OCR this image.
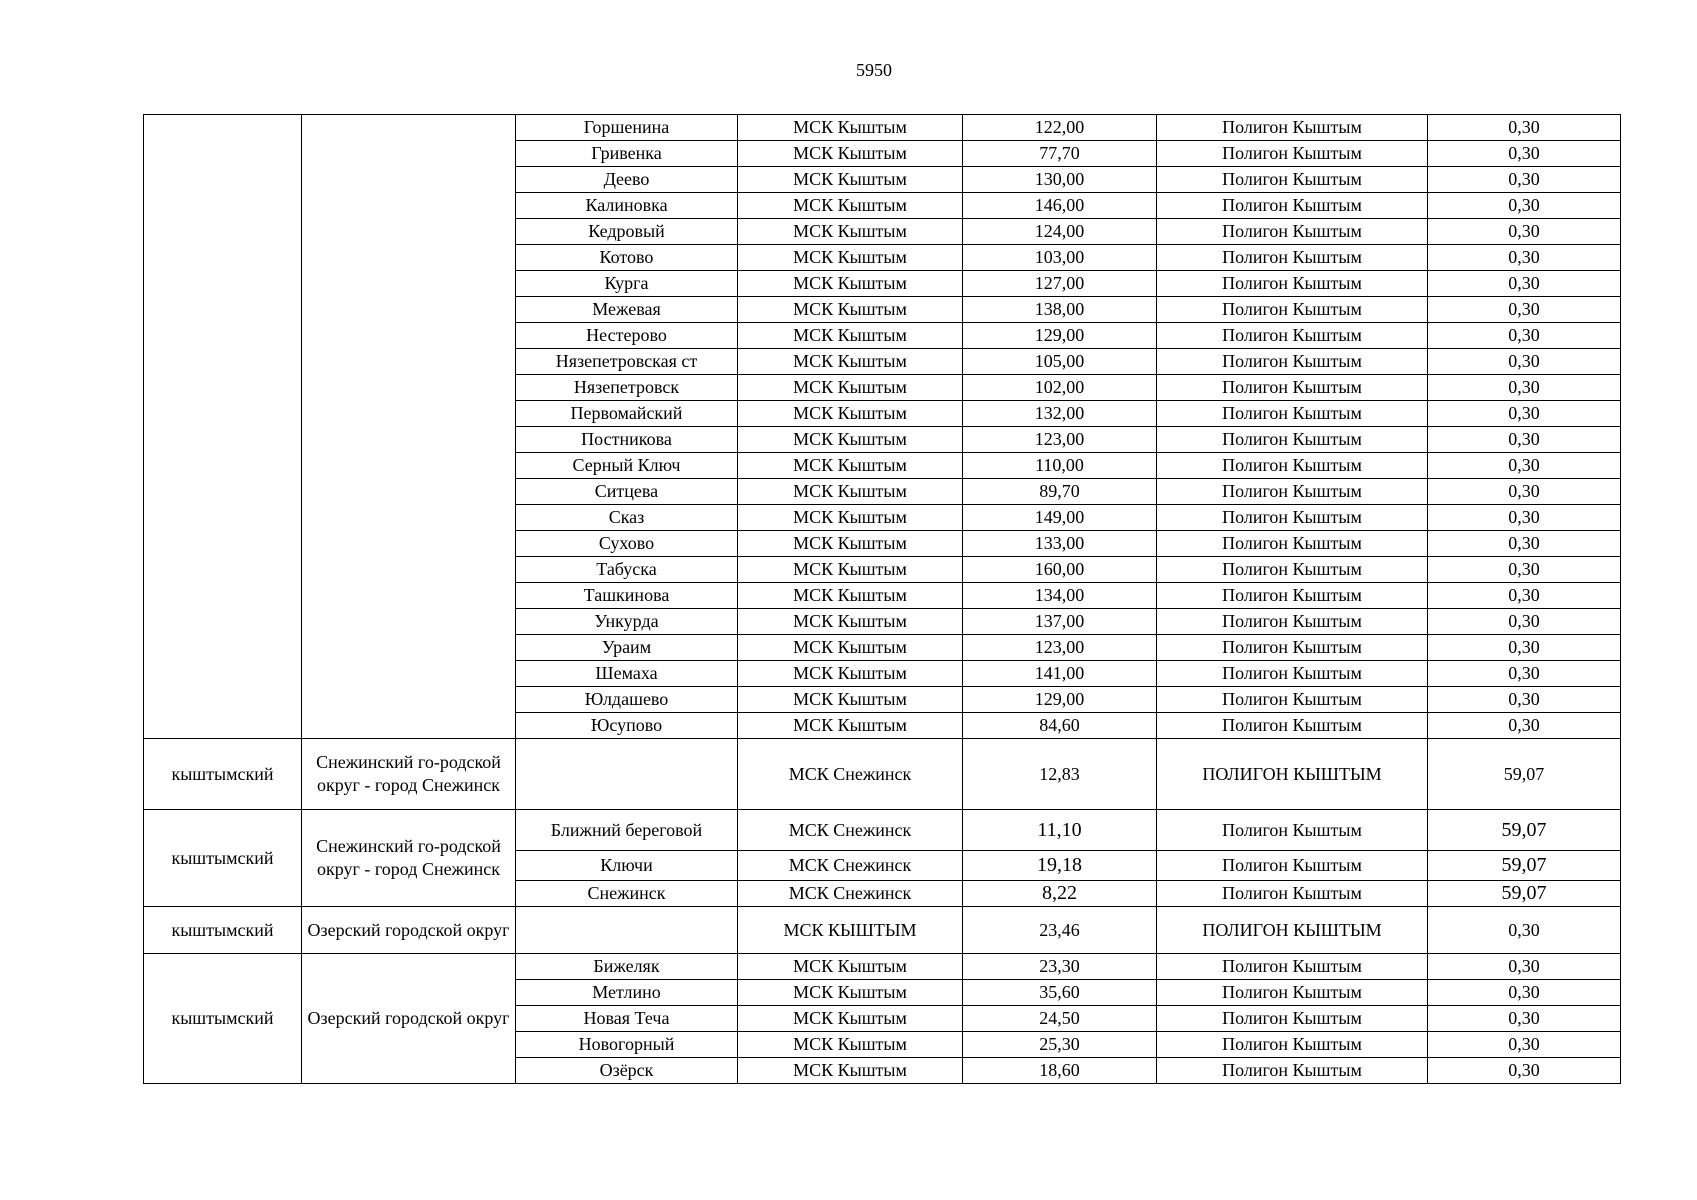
5950
		Горшенина	МСК Кыштым	122,00	Полигон Кыштым	0,30
		Гривенка	МСК Кыштым	77,70	Полигон Кыштым	0,30
		Деево	МСК Кыштым	130,00	Полигон Кыштым	0,30
		Калиновка	МСК Кыштым	146,00	Полигон Кыштым	0,30
		Кедровый	МСК Кыштым	124,00	Полигон Кыштым	0,30
		Котово	МСК Кыштым	103,00	Полигон Кыштым	0,30
		Курга	МСК Кыштым	127,00	Полигон Кыштым	0,30
		Межевая	МСК Кыштым	138,00	Полигон Кыштым	0,30
		Нестерово	МСК Кыштым	129,00	Полигон Кыштым	0,30
		Нязепетровская ст	МСК Кыштым	105,00	Полигон Кыштым	0,30
		Нязепетровск	МСК Кыштым	102,00	Полигон Кыштым	0,30
		Первомайский	МСК Кыштым	132,00	Полигон Кыштым	0,30
		Постникова	МСК Кыштым	123,00	Полигон Кыштым	0,30
		Серный Ключ	МСК Кыштым	110,00	Полигон Кыштым	0,30
		Ситцева	МСК Кыштым	89,70	Полигон Кыштым	0,30
		Сказ	МСК Кыштым	149,00	Полигон Кыштым	0,30
		Сухово	МСК Кыштым	133,00	Полигон Кыштым	0,30
		Табуска	МСК Кыштым	160,00	Полигон Кыштым	0,30
		Ташкинова	МСК Кыштым	134,00	Полигон Кыштым	0,30
		Ункурда	МСК Кыштым	137,00	Полигон Кыштым	0,30
		Ураим	МСК Кыштым	123,00	Полигон Кыштым	0,30
		Шемаха	МСК Кыштым	141,00	Полигон Кыштым	0,30
		Юлдашево	МСК Кыштым	129,00	Полигон Кыштым	0,30
		Юсупово	МСК Кыштым	84,60	Полигон Кыштым	0,30
кыштымский	Снежинский го-родской округ - город Снежинск		МСК Снежинск	12,83	ПОЛИГОН КЫШТЫМ	59,07
кыштымский	Снежинский го-родской округ - город Снежинск	Ближний береговой	МСК Снежинск	11,10	Полигон Кыштым	59,07
		Ключи	МСК Снежинск	19,18	Полигон Кыштым	59,07
		Снежинск	МСК Снежинск	8,22	Полигон Кыштым	59,07
кыштымский	Озерский городской округ		МСК КЫШТЫМ	23,46	ПОЛИГОН КЫШТЫМ	0,30
кыштымский	Озерский городской округ	Бижеляк	МСК Кыштым	23,30	Полигон Кыштым	0,30
		Метлино	МСК Кыштым	35,60	Полигон Кыштым	0,30
		Новая Теча	МСК Кыштым	24,50	Полигон Кыштым	0,30
		Новогорный	МСК Кыштым	25,30	Полигон Кыштым	0,30
		Озёрск	МСК Кыштым	18,60	Полигон Кыштым	0,30
